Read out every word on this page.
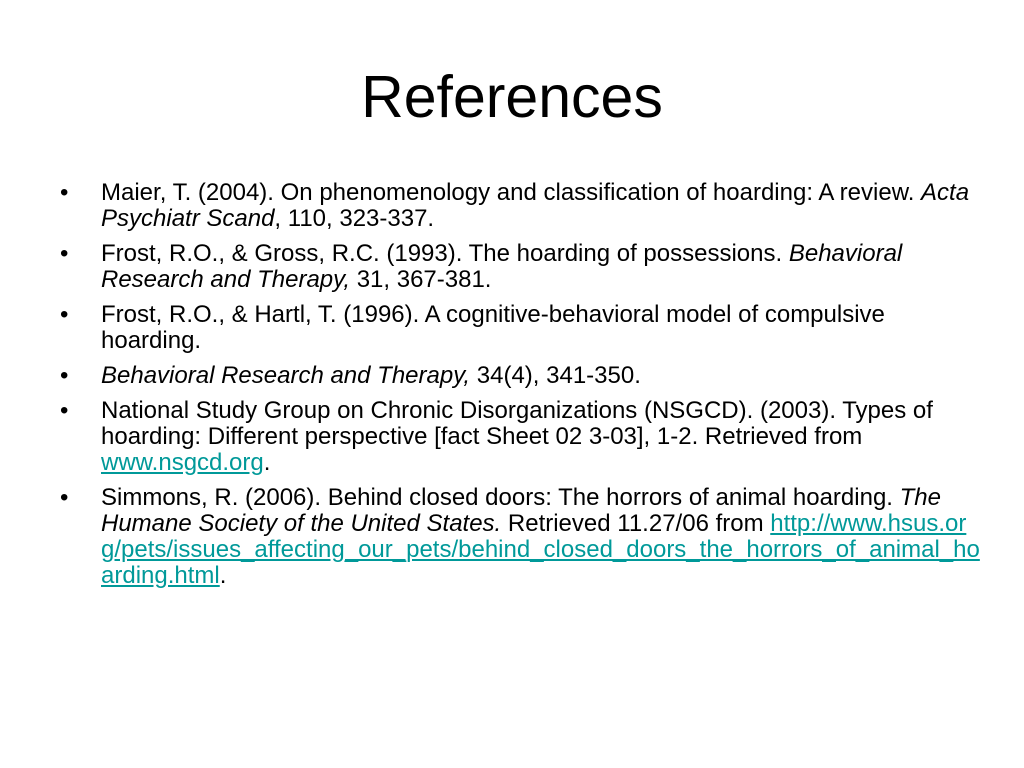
References
•	Maier, T. (2004). On phenomenology and classification of hoarding: A review. Acta Psychiatr Scand, 110, 323-337.
•	Frost, R.O., & Gross, R.C. (1993). The hoarding of possessions. Behavioral Research and Therapy, 31, 367-381.
•	Frost, R.O., & Hartl, T. (1996). A cognitive-behavioral model of compulsive hoarding.
•	Behavioral Research and Therapy, 34(4), 341-350.
•	National Study Group on Chronic Disorganizations (NSGCD). (2003). Types of hoarding: Different perspective [fact Sheet 02 3-03], 1-2. Retrieved from www.nsgcd.org.
•	Simmons, R. (2006). Behind closed doors: The horrors of animal hoarding. The Humane Society of the United States. Retrieved 11.27/06 from http://www.hsus.org/pets/issues_affecting_our_pets/behind_closed_doors_the_horrors_of_animal_hoarding.html.
